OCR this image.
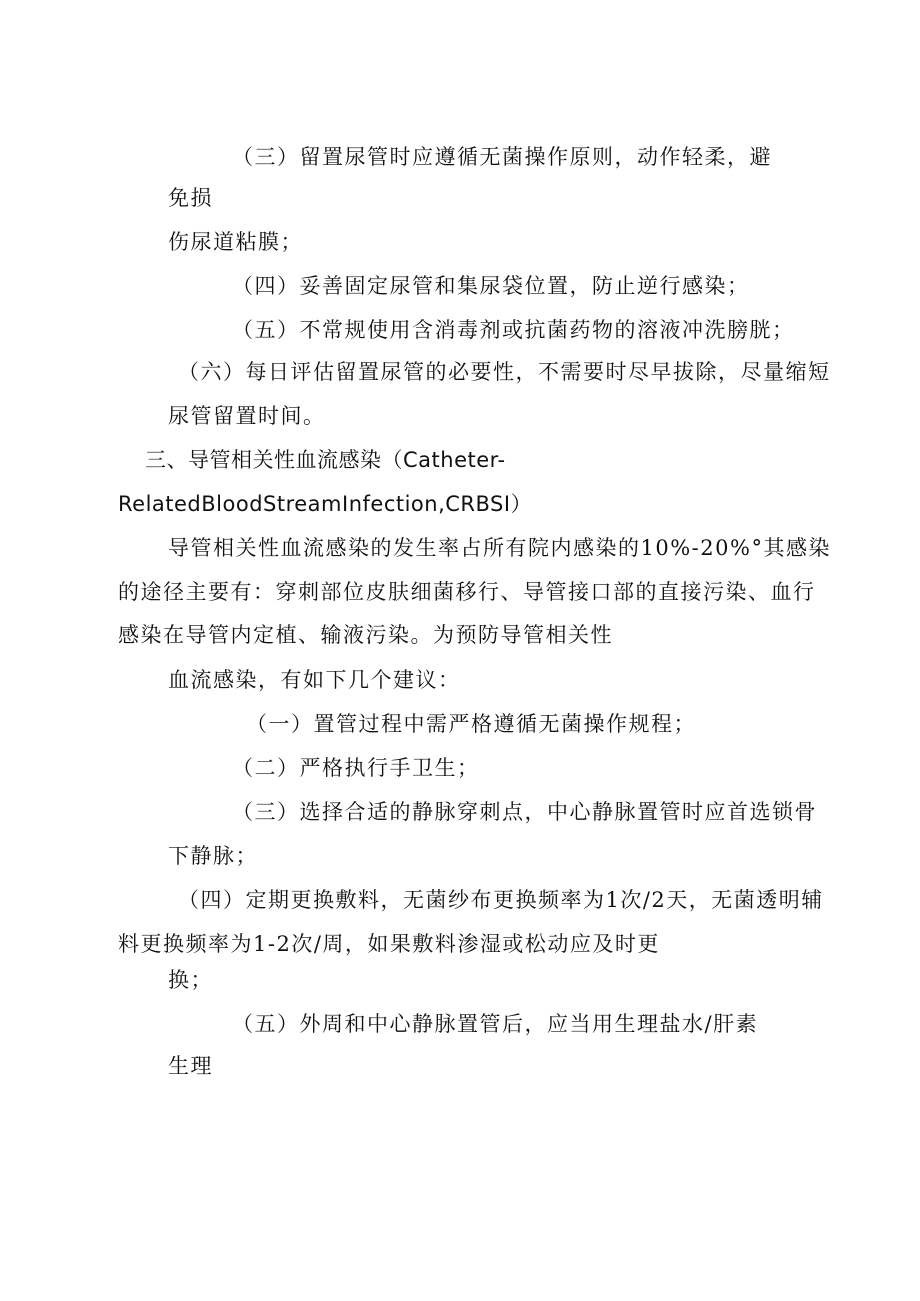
（三）留置尿管时应遵循无菌操作原则，动作轻柔，避

免损

伤尿道粘膜；

（四）妥善固定尿管和集尿袋位置，防止逆行感染；

（五）不常规使用含消毒剂或抗菌药物的溶液冲洗膀胱；

（六）每日评估留置尿管的必要性，不需要时尽早拔除，尽量缩短

尿管留置时间。

三、导管相关性血流感染（Catheter-

RelatedBloodStreamInfection,CRBSI）

导管相关性血流感染的发生率占所有院内感染的10%-20%°其感染

的途径主要有：穿刺部位皮肤细菌移行、导管接口部的直接污染、血行

感染在导管内定植、输液污染。为预防导管相关性

血流感染，有如下几个建议：

（一）置管过程中需严格遵循无菌操作规程；

（二）严格执行手卫生；

（三）选择合适的静脉穿刺点，中心静脉置管时应首选锁骨

下静脉；

（四）定期更换敷料，无菌纱布更换频率为1次/2天，无菌透明辅

料更换频率为1-2次/周，如果敷料渗湿或松动应及时更

换；

（五）外周和中心静脉置管后，应当用生理盐水/肝素

生理
